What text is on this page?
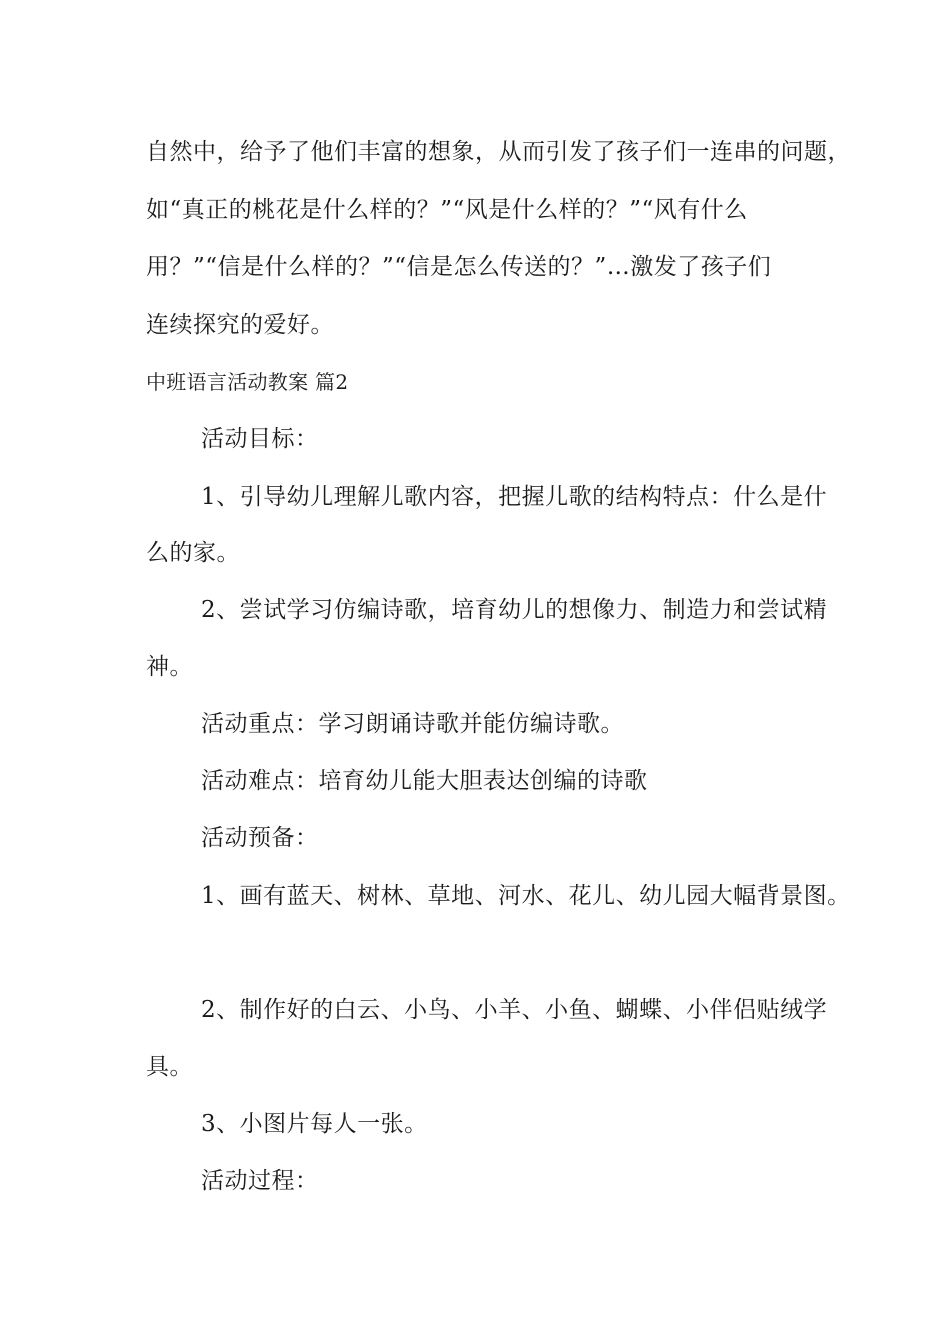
自然中，给予了他们丰富的想象，从而引发了孩子们一连串的问题，
如“真正的桃花是什么样的？”“风是什么样的？”“风有什么
用？”“信是什么样的？”“信是怎么传送的？”…激发了孩子们
连续探究的爱好。
中班语言活动教案 篇2
活动目标：
1、引导幼儿理解儿歌内容，把握儿歌的结构特点：什么是什
么的家。
2、尝试学习仿编诗歌，培育幼儿的想像力、制造力和尝试精
神。
活动重点：学习朗诵诗歌并能仿编诗歌。
活动难点：培育幼儿能大胆表达创编的诗歌
活动预备：
1、画有蓝天、树林、草地、河水、花儿、幼儿园大幅背景图。
2、制作好的白云、小鸟、小羊、小鱼、蝴蝶、小伴侣贴绒学
具。
3、小图片每人一张。
活动过程：
